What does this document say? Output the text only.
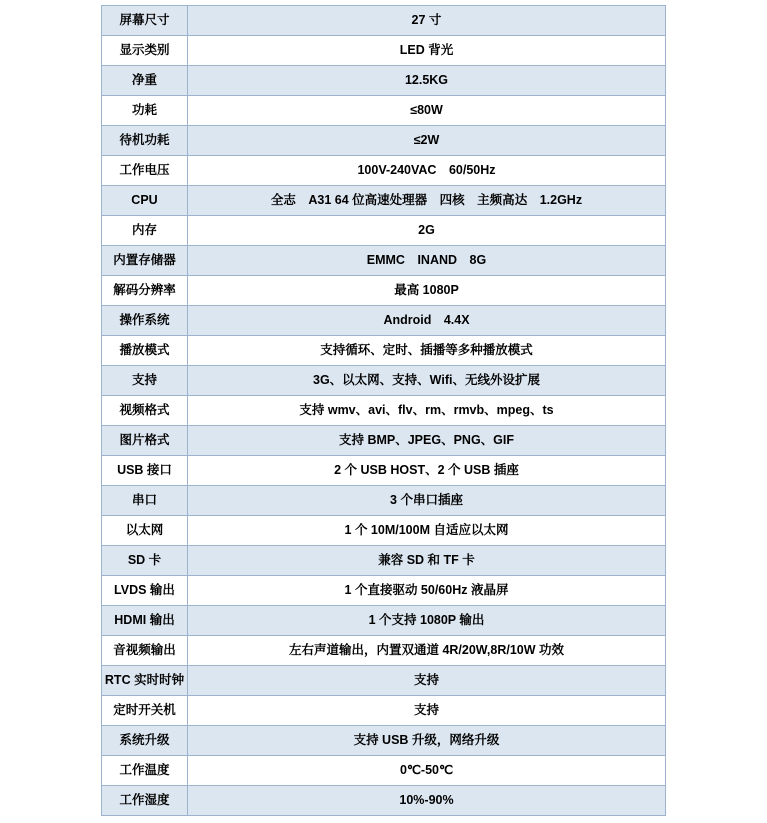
屏幕尺寸	27 寸
显示类别	LED 背光
净重	12.5KG
功耗	≤80W
待机功耗	≤2W
工作电压	100V-240VAC　60/50Hz
CPU	全志　A31 64 位高速处理器　四核　主频高达　1.2GHz
内存	2G
内置存储器	EMMC　INAND　8G
解码分辨率	最高 1080P
操作系统	Android　4.4X
播放模式	支持循环、定时、插播等多种播放模式
支持	3G、以太网、支持、Wifi、无线外设扩展
视频格式	支持 wmv、avi、flv、rm、rmvb、mpeg、ts
图片格式	支持 BMP、JPEG、PNG、GIF
USB 接口	2 个 USB HOST、2 个 USB 插座
串口	3 个串口插座
以太网	1 个 10M/100M 自适应以太网
SD 卡	兼容 SD 和 TF 卡
LVDS 输出	1 个直接驱动 50/60Hz 液晶屏
HDMI 输出	1 个支持 1080P 输出
音视频输出	左右声道输出，内置双通道 4R/20W,8R/10W 功效
RTC 实时时钟	支持
定时开关机	支持
系统升级	支持 USB 升级，网络升级
工作温度	0℃-50℃
工作湿度	10%-90%
